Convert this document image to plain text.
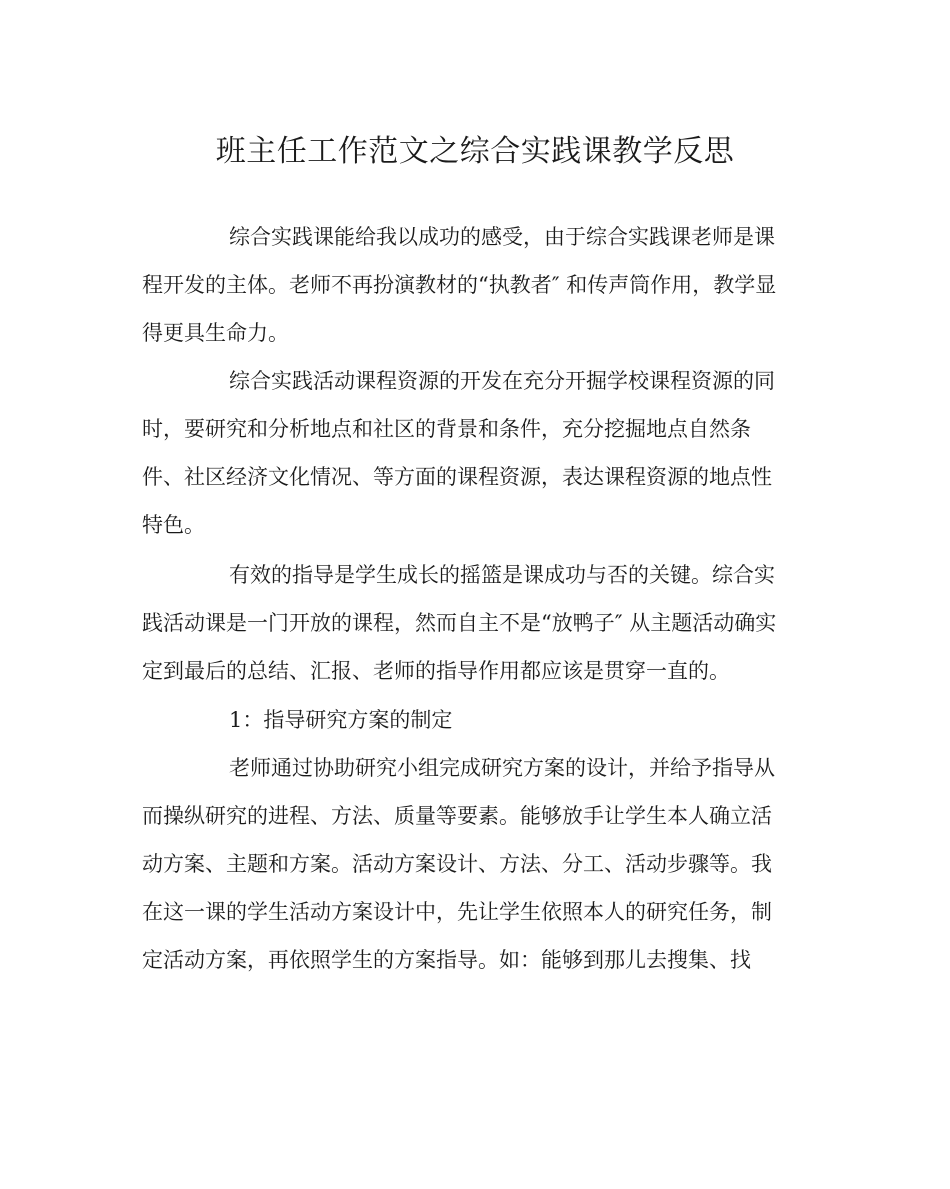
班主任工作范文之综合实践课教学反思

综合实践课能给我以成功的感受，由于综合实践课老师是课

程开发的主体。老师不再扮演教材的“执教者″ 和传声筒作用，教学显

得更具生命力。

综合实践活动课程资源的开发在充分开掘学校课程资源的同

时，要研究和分析地点和社区的背景和条件，充分挖掘地点自然条

件、社区经济文化情况、等方面的课程资源，表达课程资源的地点性

特色。

有效的指导是学生成长的摇篮是课成功与否的关键。综合实

践活动课是一门开放的课程，然而自主不是“放鸭子″ 从主题活动确实

定到最后的总结、汇报、老师的指导作用都应该是贯穿一直的。

1：指导研究方案的制定

老师通过协助研究小组完成研究方案的设计，并给予指导从

而操纵研究的进程、方法、质量等要素。能够放手让学生本人确立活

动方案、主题和方案。活动方案设计、方法、分工、活动步骤等。我

在这一课的学生活动方案设计中，先让学生依照本人的研究任务，制

定活动方案，再依照学生的方案指导。如：能够到那儿去搜集、找
